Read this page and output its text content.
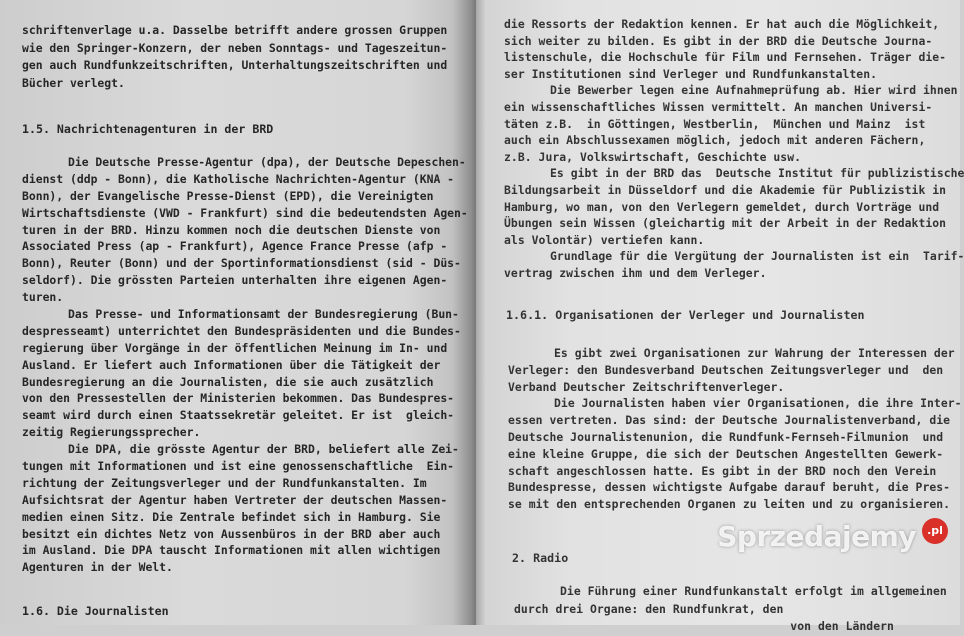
schriftenverlage u.a. Dasselbe betrifft andere grossen Gruppen
wie den Springer-Konzern, der neben Sonntags- und Tageszeitun-
gen auch Rundfunkzeitschriften, Unterhaltungszeitschriften und
Bücher verlegt.
1.5. Nachrichtenagenturen in der BRD
Die Deutsche Presse-Agentur (dpa), der Deutsche Depeschen-
dienst (ddp - Bonn), die Katholische Nachrichten-Agentur (KNA -
Bonn), der Evangelische Presse-Dienst (EPD), die Vereinigten
Wirtschaftsdienste (VWD - Frankfurt) sind die bedeutendsten Agen-
turen in der BRD. Hinzu kommen noch die deutschen Dienste von
Associated Press (ap - Frankfurt), Agence France Presse (afp -
Bonn), Reuter (Bonn) und der Sportinformationsdienst (sid - Düs-
seldorf). Die grössten Parteien unterhalten ihre eigenen Agen-
turen.
Das Presse- und Informationsamt der Bundesregierung (Bun-
despresseamt) unterrichtet den Bundespräsidenten und die Bundes-
regierung über Vorgänge in der öffentlichen Meinung im In- und
Ausland. Er liefert auch Informationen über die Tätigkeit der
Bundesregierung an die Journalisten, die sie auch zusätzlich
von den Pressestellen der Ministerien bekommen. Das Bundespres-
seamt wird durch einen Staatssekretär geleitet. Er ist  gleich-
zeitig Regierungssprecher.
Die DPA, die grösste Agentur der BRD, beliefert alle Zei-
tungen mit Informationen und ist eine genossenschaftliche  Ein-
richtung der Zeitungsverleger und der Rundfunkanstalten. Im
Aufsichtsrat der Agentur haben Vertreter der deutschen Massen-
medien einen Sitz. Die Zentrale befindet sich in Hamburg. Sie
besitzt ein dichtes Netz von Aussenbüros in der BRD aber auch
im Ausland. Die DPA tauscht Informationen mit allen wichtigen
Agenturen in der Welt.
1.6. Die Journalisten
die Ressorts der Redaktion kennen. Er hat auch die Möglichkeit,
sich weiter zu bilden. Es gibt in der BRD die Deutsche Journa-
listenschule, die Hochschule für Film und Fernsehen. Träger die-
ser Institutionen sind Verleger und Rundfunkanstalten.
Die Bewerber legen eine Aufnahmeprüfung ab. Hier wird ihnen
ein wissenschaftliches Wissen vermittelt. An manchen Universi-
täten z.B.  in Göttingen, Westberlin,  München und Mainz  ist
auch ein Abschlussexamen möglich, jedoch mit anderen Fächern,
z.B. Jura, Volkswirtschaft, Geschichte usw.
Es gibt in der BRD das  Deutsche Institut für publizistische
Bildungsarbeit in Düsseldorf und die Akademie für Publizistik in
Hamburg, wo man, von den Verlegern gemeldet, durch Vorträge und
Übungen sein Wissen (gleichartig mit der Arbeit in der Redaktion
als Volontär) vertiefen kann.
Grundlage für die Vergütung der Journalisten ist ein  Tarif-
vertrag zwischen ihm und dem Verleger.
1.6.1. Organisationen der Verleger und Journalisten
Es gibt zwei Organisationen zur Wahrung der Interessen der
Verleger: den Bundesverband Deutschen Zeitungsverleger und  den
Verband Deutscher Zeitschriftenverleger.
Die Journalisten haben vier Organisationen, die ihre Inter-
essen vertreten. Das sind: der Deutsche Journalistenverband, die
Deutsche Journalistenunion, die Rundfunk-Fernseh-Filmunion  und
eine kleine Gruppe, die sich der Deutschen Angestellten Gewerk-
schaft angeschlossen hatte. Es gibt in der BRD noch den Verein
Bundespresse, dessen wichtigste Aufgabe darauf beruht, die Pres-
se mit den entsprechenden Organen zu leiten und zu organisieren.
2. Radio
Die Führung einer Rundfunkanstalt erfolgt im allgemeinen
durch drei Organe: den Rundfunkrat, den
von den Ländern
Sprzedajemy	.pl
